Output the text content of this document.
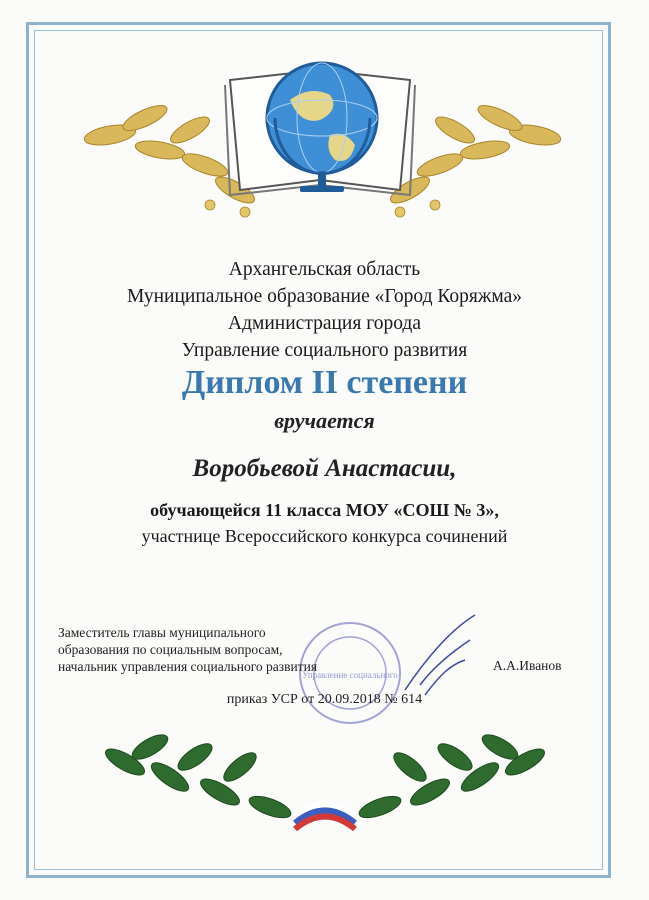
Архангельская область
Муниципальное образование «Город Коряжма»
Администрация города
Управление социального развития
Диплом II степени
вручается
Воробьевой Анастасии,
обучающейся 11 класса МОУ «СОШ № 3»,
участнице Всероссийского конкурса сочинений
Управление социального
Заместитель главы муниципального
образования по социальным вопросам,
начальник управления социального развития	А.А.Иванов
приказ УСР от 20.09.2018 № 614
